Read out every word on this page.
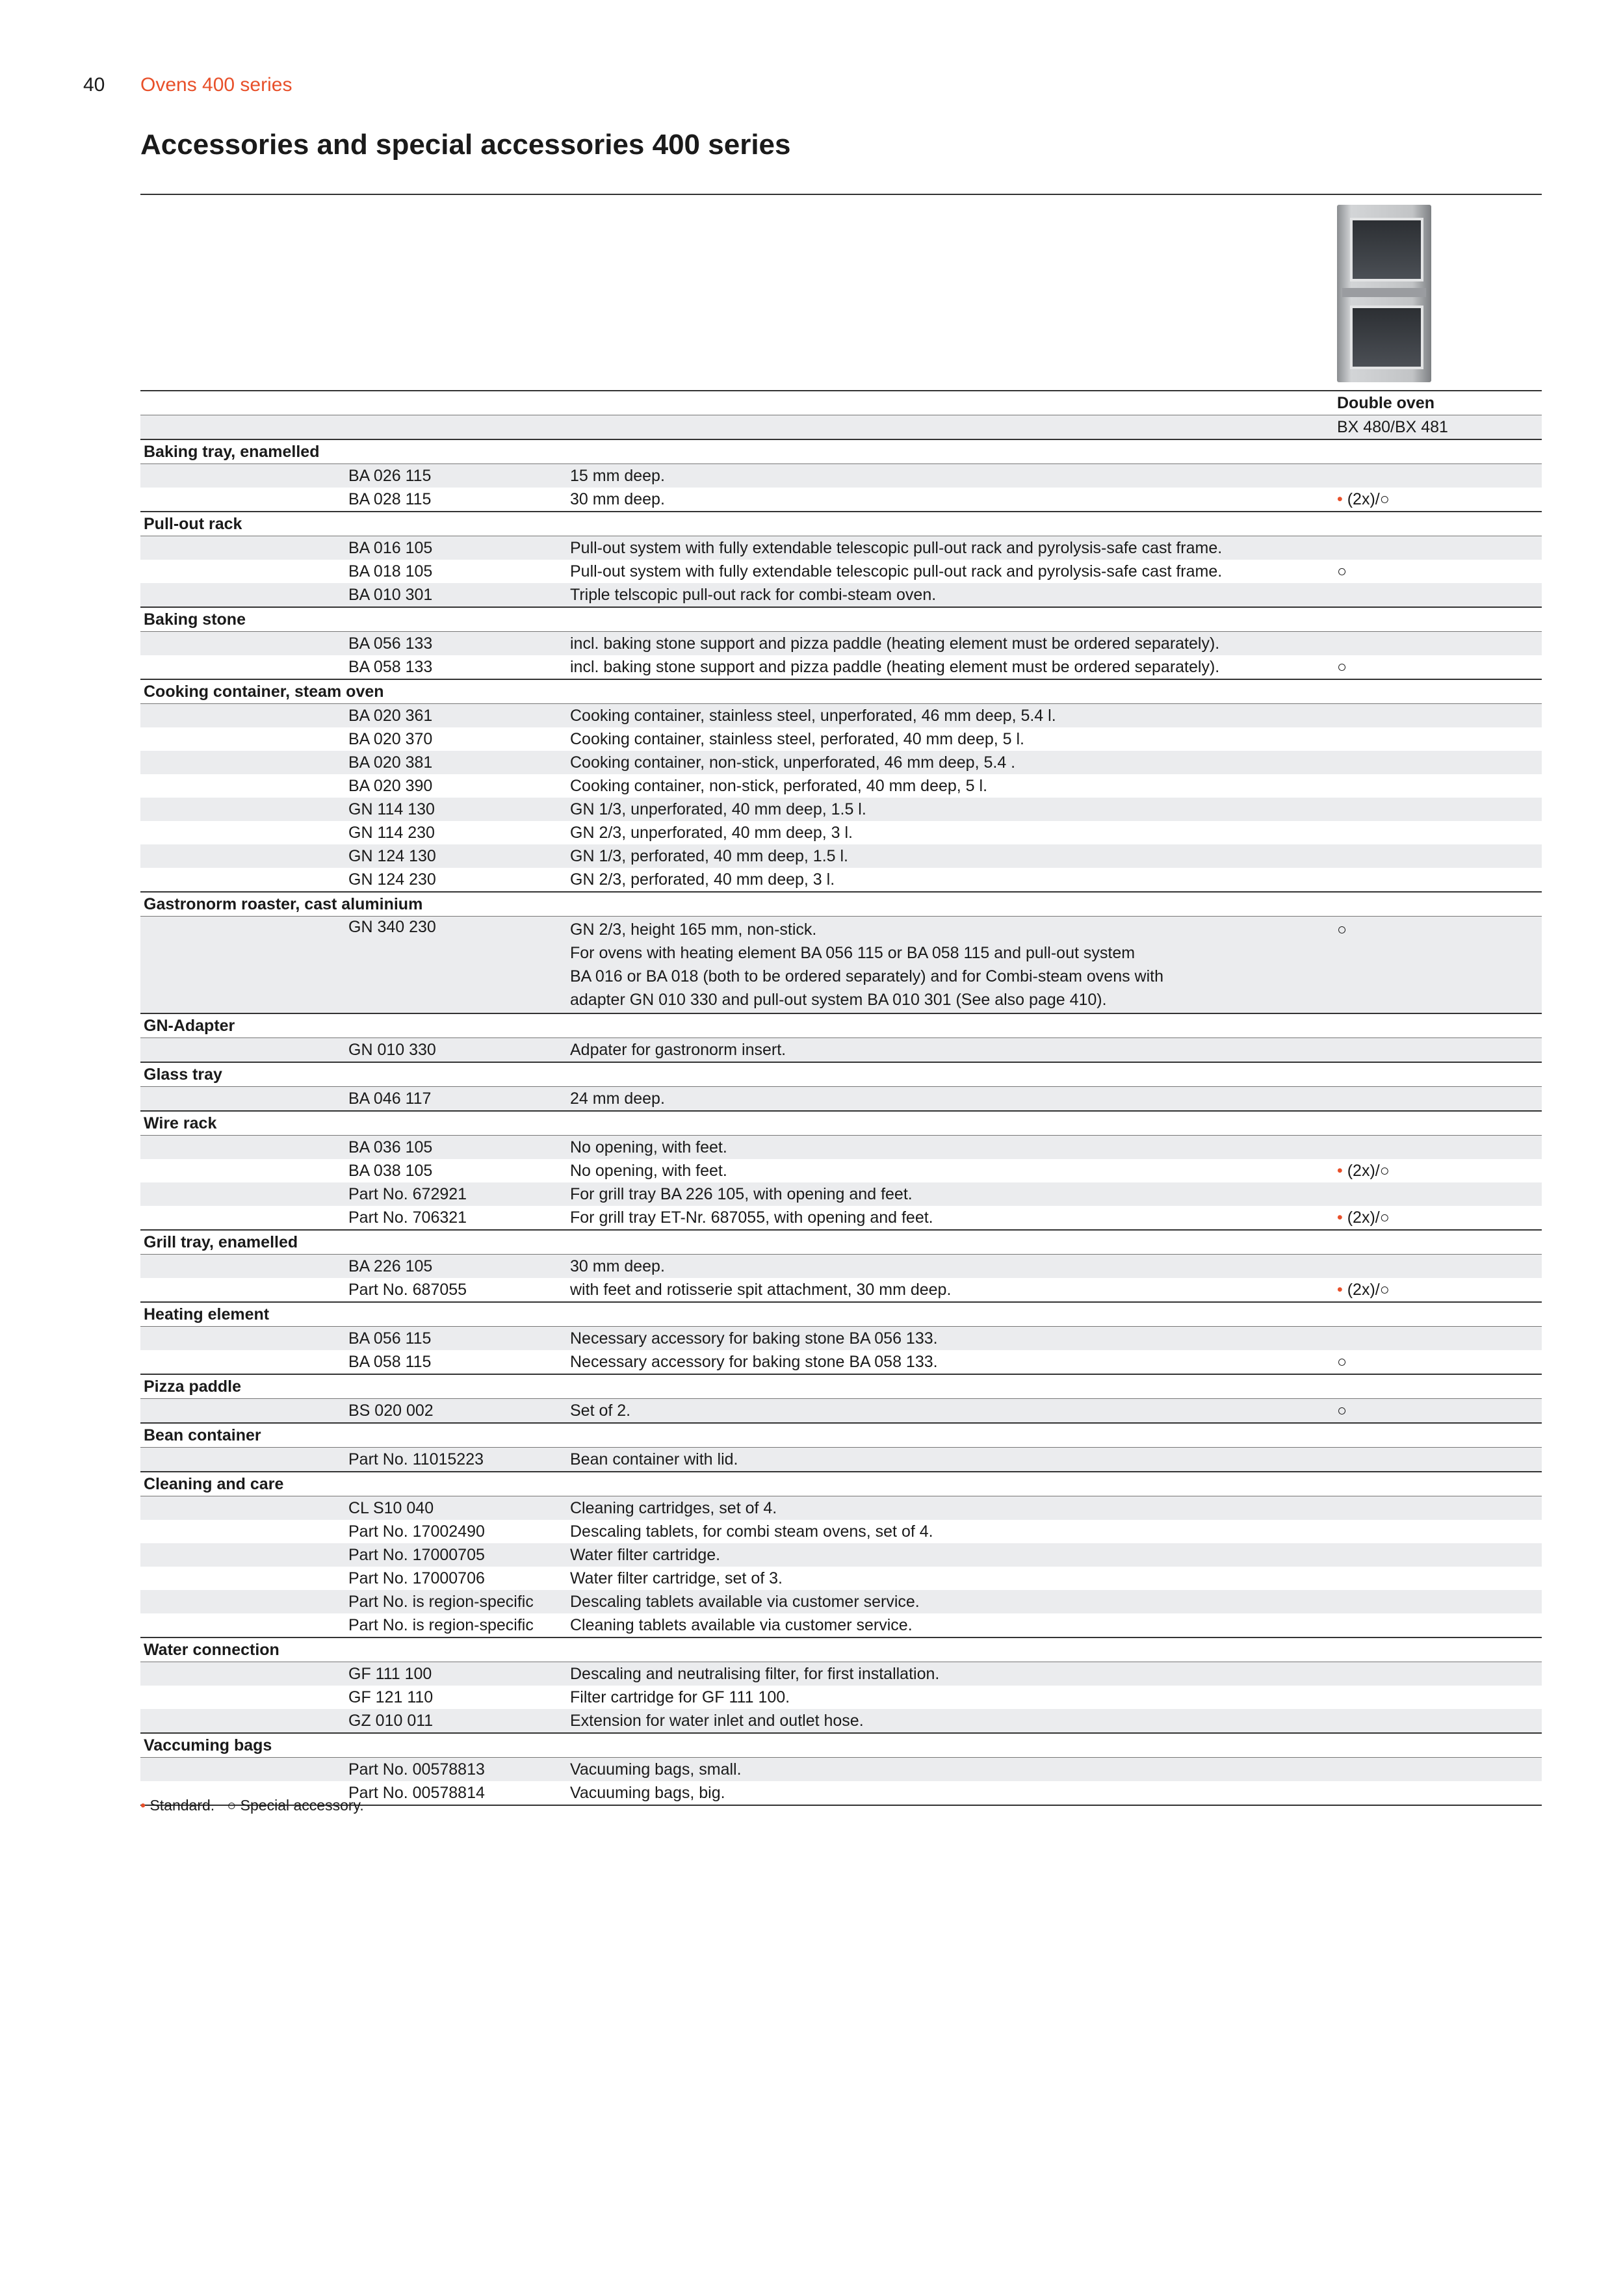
40 Ovens 400 series
Accessories and special accessories 400 series
Double oven
BX 480/BX 481
Baking tray, enamelled
BA 026 115	15 mm deep.
BA 028 115	30 mm deep.	• (2x)/○
Pull-out rack
BA 016 105	Pull-out system with fully extendable telescopic pull-out rack and pyrolysis-safe cast frame.
BA 018 105	Pull-out system with fully extendable telescopic pull-out rack and pyrolysis-safe cast frame.	○
BA 010 301	Triple telscopic pull-out rack for combi-steam oven.
Baking stone
BA 056 133	incl. baking stone support and pizza paddle (heating element must be ordered separately).
BA 058 133	incl. baking stone support and pizza paddle (heating element must be ordered separately).	○
Cooking container, steam oven
BA 020 361	Cooking container, stainless steel, unperforated, 46 mm deep, 5.4 l.
BA 020 370	Cooking container, stainless steel, perforated, 40 mm deep, 5 l.
BA 020 381	Cooking container, non-stick, unperforated, 46 mm deep, 5.4 .
BA 020 390	Cooking container, non-stick, perforated, 40 mm deep, 5 l.
GN 114 130	GN 1/3, unperforated, 40 mm deep, 1.5 l.
GN 114 230	GN 2/3, unperforated, 40 mm deep, 3 l.
GN 124 130	GN 1/3, perforated, 40 mm deep, 1.5 l.
GN 124 230	GN 2/3, perforated, 40 mm deep, 3 l.
Gastronorm roaster, cast aluminium
GN 340 230	GN 2/3, height 165 mm, non-stick.
For ovens with heating element BA 056 115 or BA 058 115 and pull-out system
BA 016 or BA 018 (both to be ordered separately) and for Combi-steam ovens with
adapter GN 010 330 and pull-out system BA 010 301 (See also page 410).
○
GN-Adapter
GN 010 330	Adpater for gastronorm insert.
Glass tray
BA 046 117	24 mm deep.
Wire rack
BA 036 105	No opening, with feet.
BA 038 105	No opening, with feet.	• (2x)/○
Part No. 672921	For grill tray BA 226 105, with opening and feet.
Part No. 706321	For grill tray ET-Nr. 687055, with opening and feet.	• (2x)/○
Grill tray, enamelled
BA 226 105	30 mm deep.
Part No. 687055	with feet and rotisserie spit attachment, 30 mm deep.	• (2x)/○
Heating element
BA 056 115	Necessary accessory for baking stone BA 056 133.
BA 058 115	Necessary accessory for baking stone BA 058 133.	○
Pizza paddle
BS 020 002	Set of 2.	○
Bean container
Part No. 11015223	Bean container with lid.
Cleaning and care
CL S10 040	Cleaning cartridges, set of 4.
Part No. 17002490	Descaling tablets, for combi steam ovens, set of 4.
Part No. 17000705	Water filter cartridge.
Part No. 17000706	Water filter cartridge, set of 3.
Part No. is region-specific	Descaling tablets available via customer service.
Part No. is region-specific	Cleaning tablets available via customer service.
Water connection
GF 111 100	Descaling and neutralising filter, for first installation.
GF 121 110	Filter cartridge for GF 111 100.
GZ 010 011	Extension for water inlet and outlet hose.
Vaccuming bags
Part No. 00578813	Vacuuming bags, small.
Part No. 00578814	Vacuuming bags, big.
• Standard. ○ Special accessory.
